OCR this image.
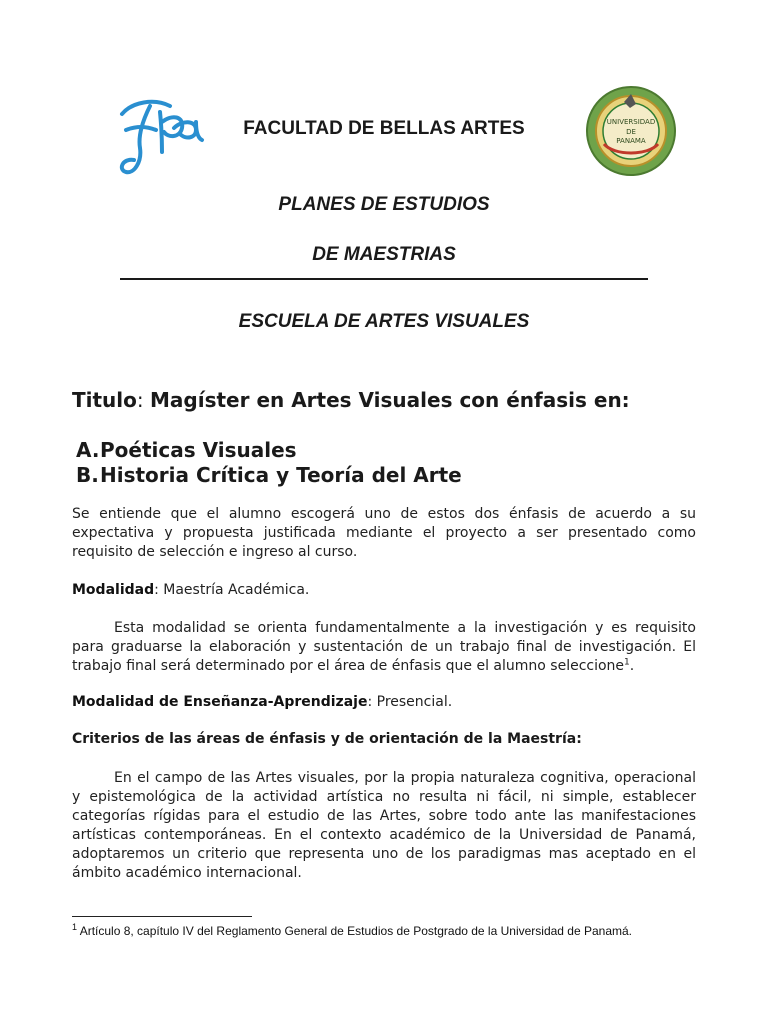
FACULTAD DE BELLAS ARTES	UNIVERSIDAD
DE
PANAMA
PLANES DE ESTUDIOS
DE MAESTRIAS
ESCUELA DE ARTES VISUALES
Titulo: Magíster en Artes Visuales con énfasis en:
A.Poéticas Visuales
B.Historia Crítica y Teoría del Arte
Se entiende que el alumno escogerá uno de estos dos énfasis de acuerdo a su expectativa y propuesta justificada mediante el proyecto a ser presentado como requisito de selección e ingreso al curso.
Modalidad: Maestría Académica.
Esta modalidad se orienta fundamentalmente a la investigación y es requisito para graduarse la elaboración y sustentación de un trabajo final de investigación. El trabajo final será determinado por el área de énfasis que el alumno seleccione$^1$.
Modalidad de Enseñanza-Aprendizaje: Presencial.
Criterios de las áreas de énfasis y de orientación de la Maestría:
En el campo de las Artes visuales, por la propia naturaleza cognitiva, operacional y epistemológica de la actividad artística no resulta ni fácil, ni simple, establecer categorías rígidas para el estudio de las Artes, sobre todo ante las manifestaciones artísticas contemporáneas. En el contexto académico de la Universidad de Panamá, adoptaremos un criterio que representa uno de los paradigmas mas aceptado en el ámbito académico internacional.
$^1$ Artículo 8, capítulo IV del Reglamento General de Estudios de Postgrado de la Universidad de Panamá.
